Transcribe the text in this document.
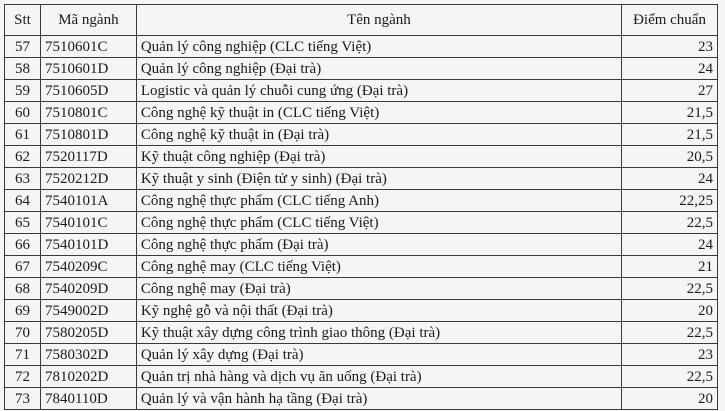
Stt	Mã ngành	Tên ngành	Điểm chuẩn
57	7510601C	Quản lý công nghiệp (CLC tiếng Việt)	23
58	7510601D	Quản lý công nghiệp (Đại trà)	24
59	7510605D	Logistic và quản lý chuỗi cung ứng (Đại trà)	27
60	7510801C	Công nghệ kỹ thuật in (CLC tiếng Việt)	21,5
61	7510801D	Công nghệ kỹ thuật in (Đại trà)	21,5
62	7520117D	Kỹ thuật công nghiệp (Đại trà)	20,5
63	7520212D	Kỹ thuật y sinh (Điện tử y sinh) (Đại trà)	24
64	7540101A	Công nghệ thực phẩm (CLC tiếng Anh)	22,25
65	7540101C	Công nghệ thực phẩm (CLC tiếng Việt)	22,5
66	7540101D	Công nghệ thực phẩm (Đại trà)	24
67	7540209C	Công nghệ may (CLC tiếng Việt)	21
68	7540209D	Công nghệ may (Đại trà)	22,5
69	7549002D	Kỹ nghệ gỗ và nội thất (Đại trà)	20
70	7580205D	Kỹ thuật xây dựng công trình giao thông (Đại trà)	22,5
71	7580302D	Quản lý xây dựng (Đại trà)	23
72	7810202D	Quản trị nhà hàng và dịch vụ ăn uống (Đại trà)	22,5
73	7840110D	Quản lý và vận hành hạ tầng (Đại trà)	20
